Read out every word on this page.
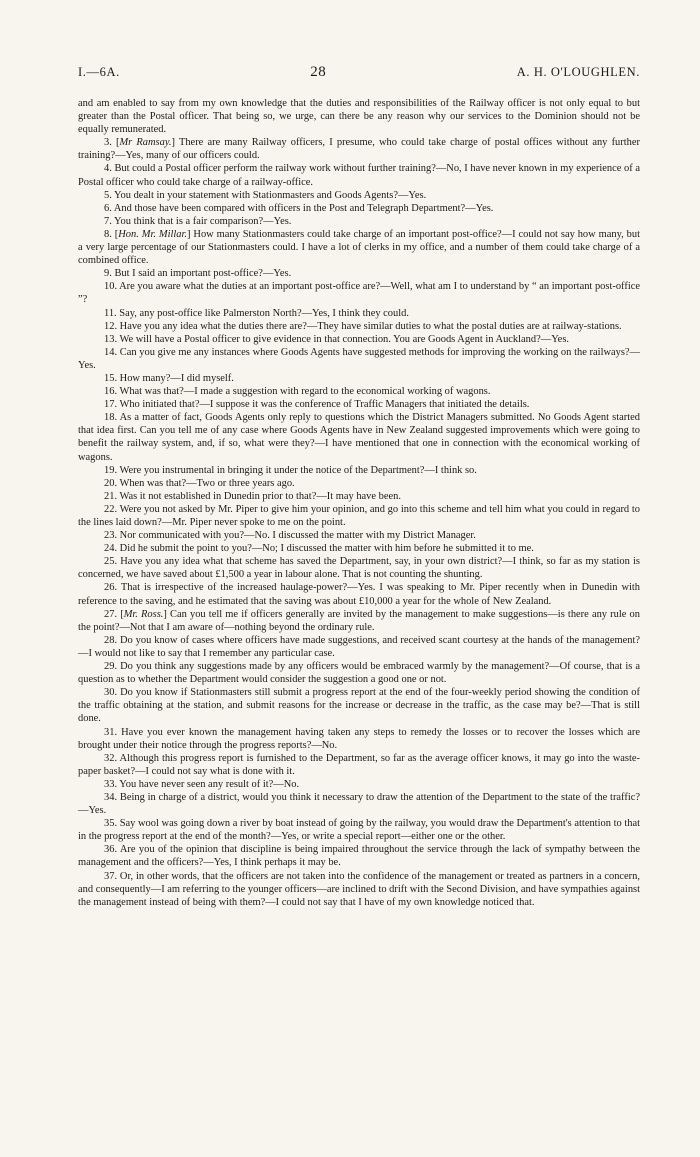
I.—6A.	28	A. H. O'LOUGHLEN.

and am enabled to say from my own knowledge that the duties and responsibilities of the Railway officer is not only equal to but greater than the Postal officer. That being so, we urge, can there be any reason why our services to the Dominion should not be equally remunerated.

3. [Mr Ramsay.] There are many Railway officers, I presume, who could take charge of postal offices without any further training?—Yes, many of our officers could.

4. But could a Postal officer perform the railway work without further training?—No, I have never known in my experience of a Postal officer who could take charge of a railway-office.

5. You dealt in your statement with Stationmasters and Goods Agents?—Yes.

6. And those have been compared with officers in the Post and Telegraph Department?—Yes.

7. You think that is a fair comparison?—Yes.

8. [Hon. Mr. Millar.] How many Stationmasters could take charge of an important post-office?—I could not say how many, but a very large percentage of our Stationmasters could. I have a lot of clerks in my office, and a number of them could take charge of a combined office.

9. But I said an important post-office?—Yes.

10. Are you aware what the duties at an important post-office are?—Well, what am I to understand by “ an important post-office ”?

11. Say, any post-office like Palmerston North?—Yes, I think they could.

12. Have you any idea what the duties there are?—They have similar duties to what the postal duties are at railway-stations.

13. We will have a Postal officer to give evidence in that connection. You are Goods Agent in Auckland?—Yes.

14. Can you give me any instances where Goods Agents have suggested methods for improving the working on the railways?—Yes.

15. How many?—I did myself.

16. What was that?—I made a suggestion with regard to the economical working of wagons.

17. Who initiated that?—I suppose it was the conference of Traffic Managers that initiated the details.

18. As a matter of fact, Goods Agents only reply to questions which the District Managers submitted. No Goods Agent started that idea first. Can you tell me of any case where Goods Agents have in New Zealand suggested improvements which were going to benefit the railway system, and, if so, what were they?—I have mentioned that one in connection with the economical working of wagons.

19. Were you instrumental in bringing it under the notice of the Department?—I think so.

20. When was that?—Two or three years ago.

21. Was it not established in Dunedin prior to that?—It may have been.

22. Were you not asked by Mr. Piper to give him your opinion, and go into this scheme and tell him what you could in regard to the lines laid down?—Mr. Piper never spoke to me on the point.

23. Nor communicated with you?—No. I discussed the matter with my District Manager.

24. Did he submit the point to you?—No; I discussed the matter with him before he submitted it to me.

25. Have you any idea what that scheme has saved the Department, say, in your own district?—I think, so far as my station is concerned, we have saved about £1,500 a year in labour alone. That is not counting the shunting.

26. That is irrespective of the increased haulage-power?—Yes. I was speaking to Mr. Piper recently when in Dunedin with reference to the saving, and he estimated that the saving was about £10,000 a year for the whole of New Zealand.

27. [Mr. Ross.] Can you tell me if officers generally are invited by the management to make suggestions—is there any rule on the point?—Not that I am aware of—nothing beyond the ordinary rule.

28. Do you know of cases where officers have made suggestions, and received scant courtesy at the hands of the management?—I would not like to say that I remember any particular case.

29. Do you think any suggestions made by any officers would be embraced warmly by the management?—Of course, that is a question as to whether the Department would consider the suggestion a good one or not.

30. Do you know if Stationmasters still submit a progress report at the end of the four-weekly period showing the condition of the traffic obtaining at the station, and submit reasons for the increase or decrease in the traffic, as the case may be?—That is still done.

31. Have you ever known the management having taken any steps to remedy the losses or to recover the losses which are brought under their notice through the progress reports?—No.

32. Although this progress report is furnished to the Department, so far as the average officer knows, it may go into the waste-paper basket?—I could not say what is done with it.

33. You have never seen any result of it?—No.

34. Being in charge of a district, would you think it necessary to draw the attention of the Department to the state of the traffic?—Yes.

35. Say wool was going down a river by boat instead of going by the railway, you would draw the Department's attention to that in the progress report at the end of the month?—Yes, or write a special report—either one or the other.

36. Are you of the opinion that discipline is being impaired throughout the service through the lack of sympathy between the management and the officers?—Yes, I think perhaps it may be.

37. Or, in other words, that the officers are not taken into the confidence of the management or treated as partners in a concern, and consequently—I am referring to the younger officers—are inclined to drift with the Second Division, and have sympathies against the management instead of being with them?—I could not say that I have of my own knowledge noticed that.
